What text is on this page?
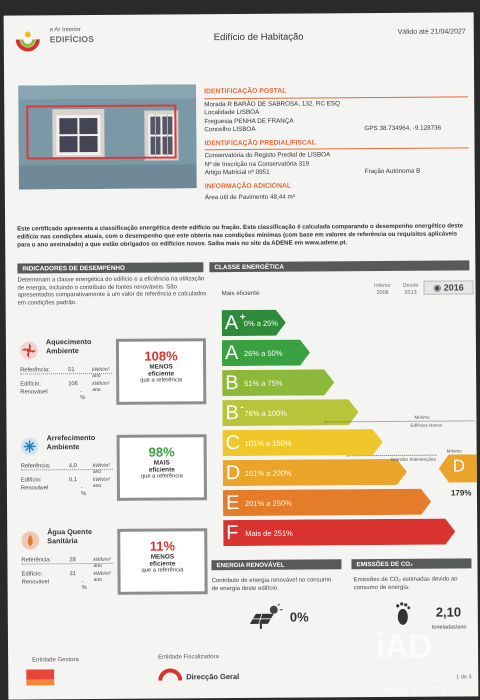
e Ar Interior
EDIFÍCIOS	Edifício de Habitação	Válido até 21/04/2027
IDENTIFICAÇÃO POSTAL
Morada R BARÃO DE SABROSA, 132, RC ESQ
Localidade LISBOA
Freguesia PENHA DE FRANÇA
Concelho LISBOA	GPS 38.734964, -9.128736
IDENTIFICAÇÃO PREDIAL/FISCAL
Conservatória do Registo Predial de LISBOA
Nº de Inscrição na Conservatória 319
Artigo Matricial nº 0951	Fração Autónoma B
INFORMAÇÃO ADICIONAL
Área útil de Pavimento 48,44 m²
Este certificado apresenta a classificação energética deste edifício ou fração. Esta classificação é calculada comparando o desempenho energético deste edifício nas condições atuais, com o desempenho que este obteria nas condições mínimas (com base em valores de referência ou requisitos aplicáveis para o ano assinalado) a que estão obrigados os edifícios novos. Saiba mais no site da ADENE em www.adene.pt.
INDICADORES DE DESEMPENHO	CLASSE ENERGÉTICA
Determinam a classe energética do edifício e a eficiência na utilização de energia, incluindo o contributo de fontes renováveis. São apresentados comparativamente a um valor de referência e calculados em condições padrão.
Aquecimento
Ambiente
Referência:	51	kWh/m² ano
Edifício:	106	kWh/m² ano
Renovável	- %
108%
MENOS
eficiente
que a referência
Arrefecimento
Ambiente
Referência:	4,0	kWh/m² ano
Edifício:	0,1	kWh/m² ano
Renovável	- %
98%
MAIS
eficiente
que a referência
Água Quente
Sanitária
Referência:	28	kWh/m² ano
Edifício:	31	kWh/m² ano
Renovável	- %
11%
MENOS
eficiente
que a referência
Mais eficiente
Inferior
2006
Desde
2013
◉ 2016
A +
0% a 25%
A 26% a 50%
B 51% a 75%
B -
76% a 100%
C 101% a 150%
D 151% a 200%
E 201% a 250%
F Mais de 251%
Mínimo
Edifícios Novos
Mínimo
Grandes Intervenções D
179%
ENERGIA RENOVÁVEL	EMISSÕES DE CO₂
Contributo de energia renovável no consumo de energia deste edifício.
Emissões de CO₂ estimadas devido ao consumo de energia.
0%	2,10
toneladas/ano
Entidade Gestora	Entidade Fiscalizadora
Direcção Geral	1 de 3
iAD
REAL ESTATE
